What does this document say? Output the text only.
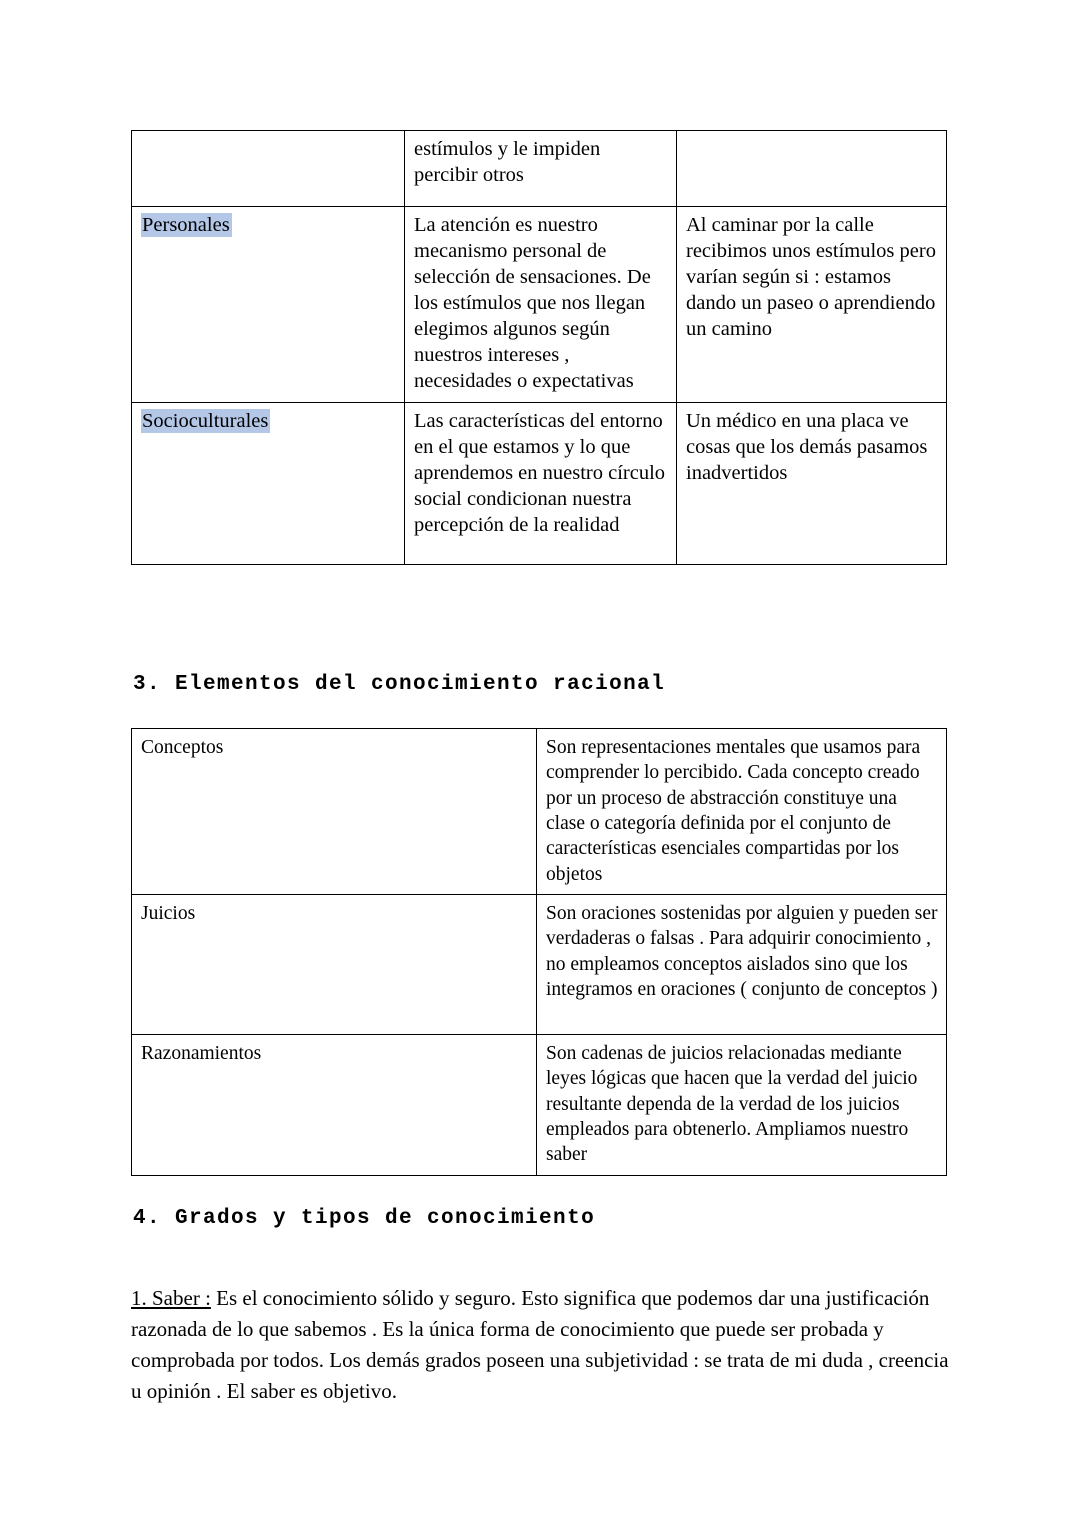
	estímulos y le impiden percibir otros	
Personales	La atención es nuestro mecanismo personal de selección de sensaciones. De los estímulos que nos llegan elegimos algunos según nuestros intereses , necesidades o expectativas	Al caminar por la calle recibimos unos estímulos pero varían según si : estamos dando un paseo o aprendiendo un camino
Socioculturales	Las características del entorno en el que estamos y lo que aprendemos en nuestro círculo social condicionan nuestra percepción de la realidad	Un médico en una placa ve cosas que los demás pasamos inadvertidos
3. Elementos del conocimiento racional
Conceptos	Son representaciones mentales que usamos para comprender lo percibido. Cada concepto creado por un proceso de abstracción constituye una clase o categoría definida por el conjunto de características esenciales compartidas por los objetos
Juicios	Son oraciones sostenidas por alguien y pueden ser verdaderas o falsas . Para adquirir conocimiento , no empleamos conceptos aislados sino que los integramos en oraciones ( conjunto de conceptos )
Razonamientos	Son cadenas de juicios relacionadas mediante leyes lógicas que hacen que la verdad del juicio resultante dependa de la verdad de los juicios empleados para obtenerlo. Ampliamos nuestro saber
4. Grados y tipos de conocimiento

1. Saber : Es el conocimiento sólido y seguro. Esto significa que podemos dar una justificación razonada de lo que sabemos . Es la única forma de conocimiento que puede ser probada y comprobada por todos. Los demás grados poseen una subjetividad : se trata de mi duda , creencia u opinión . El saber es objetivo.
